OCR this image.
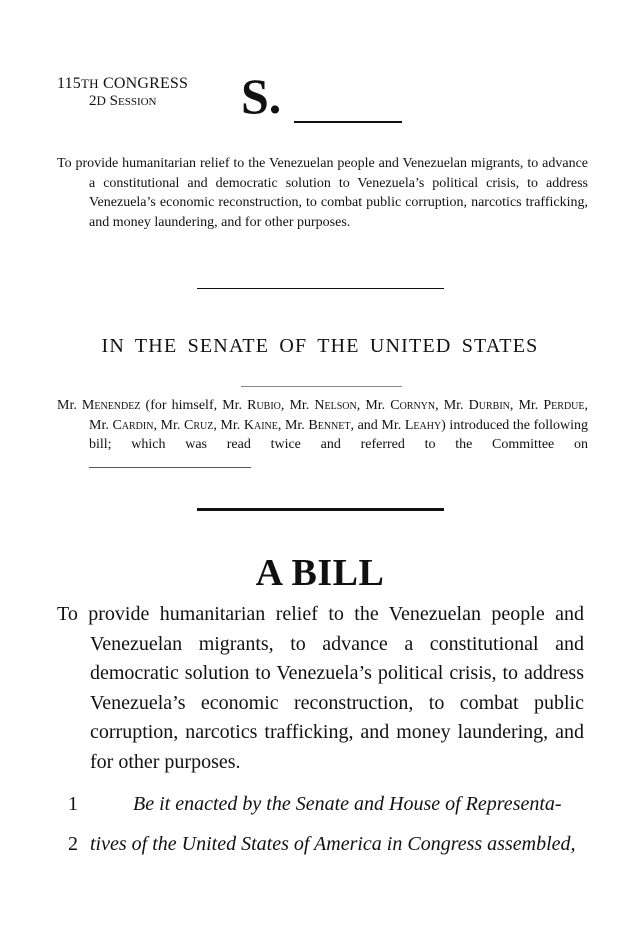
115TH CONGRESS
2D Session S.
To provide humanitarian relief to the Venezuelan people and Venezuelan migrants, to advance a constitutional and democratic solution to Venezuela’s political crisis, to address Venezuela’s economic reconstruction, to combat public corruption, narcotics trafficking, and money laundering, and for other purposes.
IN THE SENATE OF THE UNITED STATES
Mr. Menendez (for himself, Mr. Rubio, Mr. Nelson, Mr. Cornyn, Mr. Durbin, Mr. Perdue, Mr. Cardin, Mr. Cruz, Mr. Kaine, Mr. Bennet, and Mr. Leahy) introduced the following bill; which was read twice and referred to the Committee on
A BILL
To provide humanitarian relief to the Venezuelan people and Venezuelan migrants, to advance a constitutional and democratic solution to Venezuela’s political crisis, to address Venezuela’s economic reconstruction, to combat public corruption, narcotics trafficking, and money laundering, and for other purposes.
1	Be it enacted by the Senate and House of Representa-
2 tives of the United States of America in Congress assembled,
